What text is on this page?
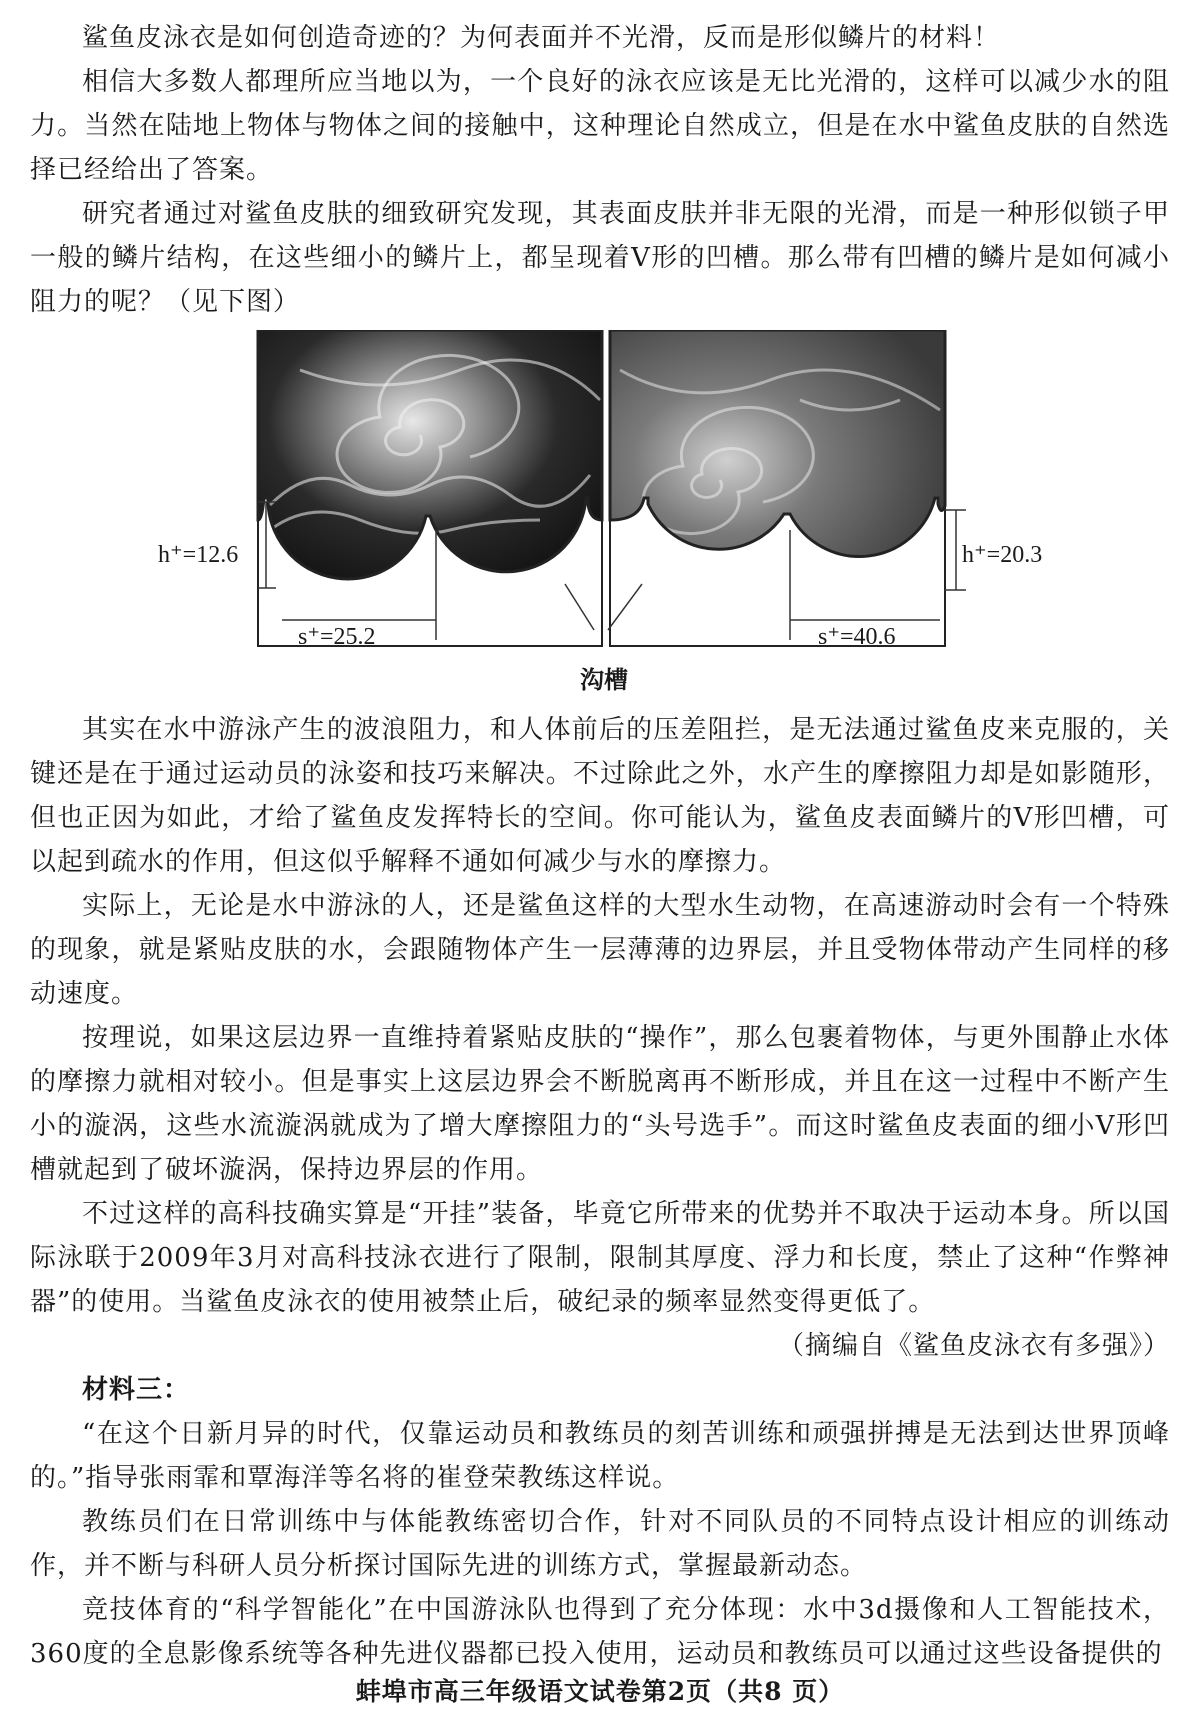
鲨鱼皮泳衣是如何创造奇迹的？为何表面并不光滑，反而是形似鳞片的材料！

相信大多数人都理所应当地以为，一个良好的泳衣应该是无比光滑的，这样可以减少水的阻力。当然在陆地上物体与物体之间的接触中，这种理论自然成立，但是在水中鲨鱼皮肤的自然选择已经给出了答案。

研究者通过对鲨鱼皮肤的细致研究发现，其表面皮肤并非无限的光滑，而是一种形似锁子甲一般的鳞片结构，在这些细小的鳞片上，都呈现着V形的凹槽。那么带有凹槽的鳞片是如何减小阻力的呢？（见下图）

h⁺=12.6
s⁺=25.2
h⁺=20.3
s⁺=40.6
沟槽

其实在水中游泳产生的波浪阻力，和人体前后的压差阻拦，是无法通过鲨鱼皮来克服的，关键还是在于通过运动员的泳姿和技巧来解决。不过除此之外，水产生的摩擦阻力却是如影随形，但也正因为如此，才给了鲨鱼皮发挥特长的空间。你可能认为，鲨鱼皮表面鳞片的V形凹槽，可以起到疏水的作用，但这似乎解释不通如何减少与水的摩擦力。

实际上，无论是水中游泳的人，还是鲨鱼这样的大型水生动物，在高速游动时会有一个特殊的现象，就是紧贴皮肤的水，会跟随物体产生一层薄薄的边界层，并且受物体带动产生同样的移动速度。

按理说，如果这层边界一直维持着紧贴皮肤的“操作”，那么包裹着物体，与更外围静止水体的摩擦力就相对较小。但是事实上这层边界会不断脱离再不断形成，并且在这一过程中不断产生小的漩涡，这些水流漩涡就成为了增大摩擦阻力的“头号选手”。而这时鲨鱼皮表面的细小V形凹槽就起到了破坏漩涡，保持边界层的作用。

不过这样的高科技确实算是“开挂”装备，毕竟它所带来的优势并不取决于运动本身。所以国际泳联于2009年3月对高科技泳衣进行了限制，限制其厚度、浮力和长度，禁止了这种“作弊神器”的使用。当鲨鱼皮泳衣的使用被禁止后，破纪录的频率显然变得更低了。

（摘编自《鲨鱼皮泳衣有多强》）
材料三：

“在这个日新月异的时代，仅靠运动员和教练员的刻苦训练和顽强拼搏是无法到达世界顶峰的。”指导张雨霏和覃海洋等名将的崔登荣教练这样说。

教练员们在日常训练中与体能教练密切合作，针对不同队员的不同特点设计相应的训练动作，并不断与科研人员分析探讨国际先进的训练方式，掌握最新动态。

竞技体育的“科学智能化”在中国游泳队也得到了充分体现：水中3d摄像和人工智能技术，360度的全息影像系统等各种先进仪器都已投入使用，运动员和教练员可以通过这些设备提供的

蚌埠市高三年级语文试卷第2页（共8 页）
